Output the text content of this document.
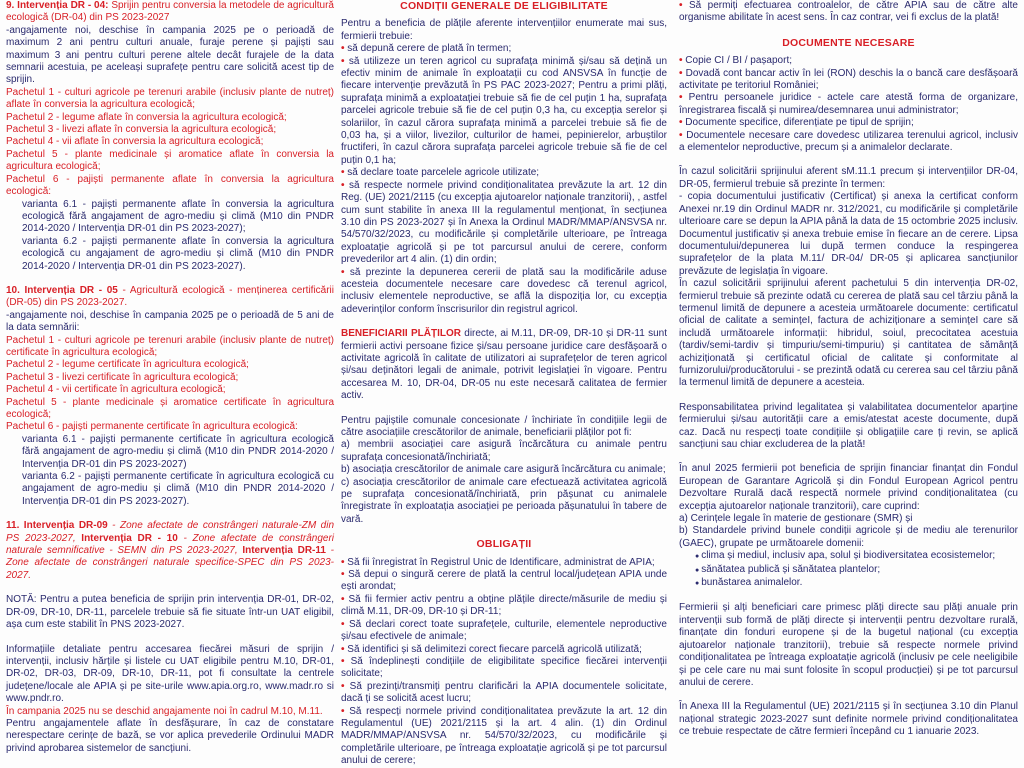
9. Intervenția DR - 04: Sprijin pentru conversia la metodele de agricultură ecologică (DR-04) din PS 2023-2027

-angajamente noi, deschise în campania 2025 pe o perioadă de maximum 2 ani pentru culturi anuale, furaje perene și pajiști sau maximum 3 ani pentru culturi perene altele decât furajele de la data semnarii acestuia, pe aceleași suprafețe pentru care solicită acest tip de sprijin.

Pachetul 1 - culturi agricole pe terenuri arabile (inclusiv plante de nutreț) aflate în conversia la agricultura ecologică;

Pachetul 2 - legume aflate în conversia la agricultura ecologică;

Pachetul 3 - livezi aflate în conversia la agricultura ecologică;

Pachetul 4 - vii aflate în conversia la agricultura ecologică;

Pachetul 5 - plante medicinale și aromatice aflate în conversia la agricultura ecologică;

Pachetul 6 - pajiști permanente aflate în conversia la agricultura ecologică:

varianta 6.1 - pajiști permanente aflate în conversia la agricultura ecologică fără angajament de agro-mediu și climă (M10 din PNDR 2014-2020 / Intervenția DR-01 din PS 2023-2027);

varianta 6.2 - pajiști permanente aflate în conversia la agricultura ecologică cu angajament de agro-mediu și climă (M10 din PNDR 2014-2020 / Intervenția DR-01 din PS 2023-2027).

10. Intervenția DR - 05 - Agricultură ecologică - menținerea certificării (DR-05) din PS 2023-2027.

-angajamente noi, deschise în campania 2025 pe o perioadă de 5 ani de la data semnării:

Pachetul 1 - culturi agricole pe terenuri arabile (inclusiv plante de nutreț) certificate în agricultura ecologică;

Pachetul 2 - legume certificate în agricultura ecologică;

Pachetul 3 - livezi certificate în agricultura ecologică;

Pachetul 4 - vii certificate în agricultura ecologică;

Pachetul 5 - plante medicinale și aromatice certificate în agricultura ecologică;

Pachetul 6 - pajiști permanente certificate în agricultura ecologică:

varianta 6.1 - pajiști permanente certificate în agricultura ecologică fără angajament de agro-mediu și climă (M10 din PNDR 2014-2020 / Intervenția DR-01 din PS 2023-2027)

varianta 6.2 - pajiști permanente certificate în agricultura ecologică cu angajament de agro-mediu și climă (M10 din PNDR 2014-2020 / Intervenția DR-01 din PS 2023-2027).

11. Intervenția DR-09 - Zone afectate de constrângeri naturale-ZM din PS 2023-2027, Intervenția DR - 10 - Zone afectate de constrângeri naturale semnificative - SEMN din PS 2023-2027, Intervenția DR-11 - Zone afectate de constrângeri naturale specifice-SPEC din PS 2023-2027.

NOTĂ: Pentru a putea beneficia de sprijin prin intervenția DR-01, DR-02, DR-09, DR-10, DR-11, parcelele trebuie să fie situate într-un UAT eligibil, așa cum este stabilit în PNS 2023-2027.

Informațiile detaliate pentru accesarea fiecărei măsuri de sprijin / intervenții, inclusiv hărțile și listele cu UAT eligibile pentru M.10, DR-01, DR-02, DR-03, DR-09, DR-10, DR-11, pot fi consultate la centrele județene/locale ale APIA și pe site-urile www.apia.org.ro, www.madr.ro si www.pndr.ro.

În campania 2025 nu se deschid angajamente noi în cadrul M.10, M.11.

Pentru angajamentele aflate în desfășurare, în caz de constatare nerespectare cerințe de bază, se vor aplica prevederile Ordinului MADR privind aprobarea sistemelor de sancțiuni.

CONDIȚII GENERALE DE ELIGIBILITATE

Pentru a beneficia de plățile aferente intervențiilor enumerate mai sus, fermierii trebuie:

• să depună cerere de plată în termen;

• să utilizeze un teren agricol cu suprafața minimă și/sau să dețină un efectiv minim de animale în exploatații cu cod ANSVSA în funcție de fiecare intervenție prevăzută în PS PAC 2023-2027; Pentru a primi plăți, suprafața minimă a exploatației trebuie să fie de cel puțin 1 ha, suprafața parcelei agricole trebuie să fie de cel puțin 0,3 ha, cu excepția serelor și solariilor, în cazul cărora suprafața minimă a parcelei trebuie să fie de 0,03 ha, și a viilor, livezilor, culturilor de hamei, pepinierelor, arbuștilor fructiferi, în cazul cărora suprafața parcelei agricole trebuie să fie de cel puțin 0,1 ha;

• să declare toate parcelele agricole utilizate;

• să respecte normele privind condiționalitatea prevăzute la art. 12 din Reg. (UE) 2021/2115 (cu excepția ajutoarelor naționale tranzitorii), , astfel cum sunt stabilite în anexa III la regulamentul menționat, în secțiunea 3.10 din PS 2023-2027 și în Anexa la Ordinul MADR/MMAP/ANSVSA nr. 54/570/32/2023, cu modificările și completările ulterioare, pe întreaga exploatație agricolă și pe tot parcursul anului de cerere, conform prevederilor art 4 alin. (1) din ordin;

• să prezinte la depunerea cererii de plată sau la modificările aduse acesteia documentele necesare care dovedesc că terenul agricol, inclusiv elementele neproductive, se află la dispoziția lor, cu excepția adeverinților conform înscrisurilor din registrul agricol.

BENEFICIARII PLĂȚILOR directe, ai M.11, DR-09, DR-10 și DR-11 sunt fermierii activi persoane fizice și/sau persoane juridice care desfășoară o activitate agricolă în calitate de utilizatori ai suprafețelor de teren agricol și/sau deținători legali de animale, potrivit legislației în vigoare. Pentru accesarea M. 10, DR-04, DR-05 nu este necesară calitatea de fermier activ.

Pentru pajiștile comunale concesionate / închiriate în condițiile legii de către asociațiile crescătorilor de animale, beneficiarii plăților pot fi:

a) membrii asociației care asigură încărcătura cu animale pentru suprafața concesionată/închiriată;

b) asociația crescătorilor de animale care asigură încărcătura cu animale;

c) asociația crescătorilor de animale care efectuează activitatea agricolă pe suprafața concesionată/închiriată, prin pășunat cu animalele înregistrate în exploatația asociației pe perioada pășunatului în tabere de vară.

OBLIGAȚII

• Să fii înregistrat în Registrul Unic de Identificare, administrat de APIA;

• Să depui o singură cerere de plată la centrul local/județean APIA unde ești arondat;

• Să fii fermier activ pentru a obține plățile directe/măsurile de mediu și climă M.11, DR-09, DR-10 și DR-11;

• Să declari corect toate suprafețele, culturile, elementele neproductive și/sau efectivele de animale;

• Să identifici și să delimitezi corect fiecare parcelă agricolă utilizată;

• Să îndeplinești condițiile de eligibilitate specifice fiecărei intervenții solicitate;

• Să prezinți/transmiți pentru clarificări la APIA documentele solicitate, dacă ți se solicită acest lucru;

• Să respecți normele privind condiționalitatea prevăzute la art. 12 din Regulamentul (UE) 2021/2115 și la art. 4 alin. (1) din Ordinul MADR/MMAP/ANSVSA nr. 54/570/32/2023, cu modificările și completările ulterioare, pe întreaga exploatație agricolă și pe tot parcursul anului de cerere;

• Să permiți efectuarea controalelor, de către APIA sau de către alte organisme abilitate în acest sens. În caz contrar, vei fi exclus de la plată!

DOCUMENTE NECESARE

• Copie CI / BI / pașaport;

• Dovadă cont bancar activ în lei (RON) deschis la o bancă care desfășoară activitate pe teritoriul României;

• Pentru persoanele juridice - actele care atestă forma de organizare, înregistrarea fiscală și numirea/desemnarea unui administrator;

• Documente specifice, diferențiate pe tipul de sprijin;

• Documentele necesare care dovedesc utilizarea terenului agricol, inclusiv a elementelor neproductive, precum și a animalelor declarate.

În cazul solicitării sprijinului aferent sM.11.1 precum și intervențiilor DR-04, DR-05, fermierul trebuie să prezinte în termen:

- copia documentului justificativ (Certificat) și anexa la certificat conform Anexei nr.19 din Ordinul MADR nr. 312/2021, cu modificările și completările ulterioare care se depun la APIA până la data de 15 octombrie 2025 inclusiv. Documentul justificativ și anexa trebuie emise în fiecare an de cerere. Lipsa documentului/depunerea lui după termen conduce la respingerea suprafețelor de la plata M.11/ DR-04/ DR-05 și aplicarea sancțiunilor prevăzute de legislația în vigoare.

În cazul solicitării sprijinului aferent pachetului 5 din intervenția DR-02, fermierul trebuie să prezinte odată cu cererea de plată sau cel târziu până la termenul limită de depunere a acesteia următoarele documente: certificatul oficial de calitate a semințeI, factura de achiziționare a semințeI care să includă următoarele informații: hibridul, soiul, precocitatea acestuia (tardiv/semi-tardiv și timpuriu/semi-timpuriu) și cantitatea de sămânță achiziționată și certificatul oficial de calitate și conformitate al furnizorului/producătorului - se prezintă odată cu cererea sau cel târziu până la termenul limită de depunere a acesteia.

Responsabilitatea privind legalitatea și valabilitatea documentelor aparține fermierului și/sau autorității care a emis/atestat aceste documente, după caz. Dacă nu respecți toate condițiile și obligațiile care ți revin, se aplică sancțiuni sau chiar excluderea de la plată!

În anul 2025 fermierii pot beneficia de sprijin financiar finanțat din Fondul European de Garantare Agricolă și din Fondul European Agricol pentru Dezvoltare Rurală dacă respectă normele privind condiționalitatea (cu excepția ajutoarelor naționale tranzitorii), care cuprind:

a) Cerințele legale în materie de gestionare (SMR) și

b) Standardele privind bunele condiții agricole și de mediu ale terenurilor (GAEC), grupate pe următoarele domenii:

● clima și mediul, inclusiv apa, solul și biodiversitatea ecosistemelor;

● sănătatea publică și sănătatea plantelor;

● bunăstarea animalelor.

Fermierii și alți beneficiari care primesc plăți directe sau plăți anuale prin intervenții sub formă de plăți directe și intervenții pentru dezvoltare rurală, finanțate din fonduri europene și de la bugetul național (cu excepția ajutoarelor naționale tranzitorii), trebuie să respecte normele privind condiționalitatea pe întreaga exploatație agricolă (inclusiv pe cele neeligibile și pe cele care nu mai sunt folosite în scopul producției) și pe tot parcursul anului de cerere.

În Anexa III la Regulamentul (UE) 2021/2115 și în secțiunea 3.10 din Planul național strategic 2023-2027 sunt definite normele privind condiționalitatea ce trebuie respectate de către fermieri începând cu 1 ianuarie 2023.
